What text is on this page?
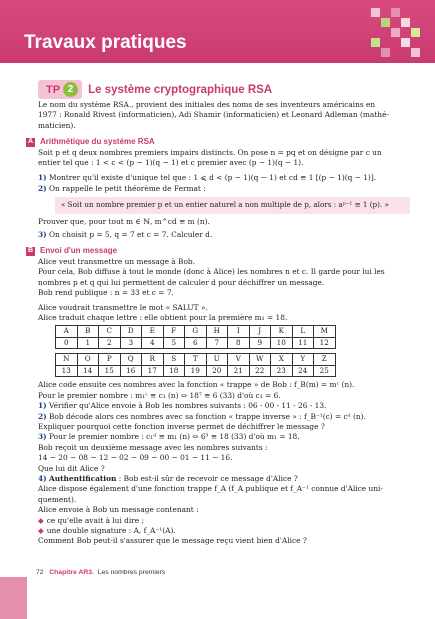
Travaux pratiques
TP 2	Le système cryptographique RSA

Le nom du système RSA., provient des initiales des noms de ses inventeurs américains en

1977 : Ronald Rivest (informaticien), Adi Shamir (informaticien) et Leonard Adleman (mathé-

maticien).

A Arithmétique du système RSA

Soit p et q deux nombres premiers impairs distincts. On pose n = pq et on désigne par c un

entier tel que : 1 < c < (p − 1)(q − 1) et c premier avec (p − 1)(q − 1).

1) Montrer qu'il existe d'unique tel que : 1 ⩽ d < (p − 1)(q − 1) et cd ≡ 1 [(p − 1)(q − 1)].

2) On rappelle le petit théorème de Fermat :

« Soit un nombre premier p et un entier naturel a non multiple de p, alors : aᵖ⁻¹ ≡ 1 (p). »

Prouver que, pour tout m ∈ ℕ, m^cd ≡ m (n).

3) On choisit p = 5, q = 7 et c = 7. Calculer d.

B Envoi d'un message

Alice veut transmettre un message à Bob.

Pour cela, Bob diffuse à tout le monde (donc à Alice) les nombres n et c. Il garde pour lui les

nombres p et q qui lui permettent de calculer d pour déchiffrer un message.

Bob rend publique : n = 33 et c = 7.

Alice voudrait transmettre le mot « SALUT ».

Alice traduit chaque lettre : elle obtient pour la première m₁ = 18.

A	B	C	D	E	F	G	H	I	J	K	L	M
0	1	2	3	4	5	6	7	8	9	10	11	12

N	O	P	Q	R	S	T	U	V	W	X	Y	Z
13	14	15	16	17	18	19	20	21	22	23	24	25

Alice code ensuite ces nombres avec la fonction « trappe » de Bob : f_B(m) = mᶜ (n).

Pour le premier nombre : m₁ᶜ ≡ c₁ (n) ⇔ 18⁷ ≡ 6 (33) d'où c₁ = 6.

1) Vérifier qu'Alice envoie à Bob les nombres suivants : 06 - 00 - 11 - 26 - 13.

2) Bob décode alors ces nombres avec sa fonction « trappe inverse » : f_B⁻¹(c) = cᵈ (n).

Expliquer pourquoi cette fonction inverse permet de déchiffrer le message ?

3) Pour le premier nombre : c₁ᵈ ≡ m₁ (n) ⇔ 6³ ≡ 18 (33) d'où m₁ = 18.

Bob reçoit un deuxième message avec les nombres suivants :

14 − 20 − 08 − 12 − 02 − 09 − 00 − 01 − 11 − 16.

Que lui dit Alice ?

4) Authentification : Bob est-il sûr de recevoir ce message d'Alice ?

Alice dispose également d'une fonction trappe f_A (f_A publique et f_A⁻¹ connue d'Alice uni-

quement).

Alice envoie à Bob un message contenant :

◆ ce qu'elle avait à lui dire ;

◆ une double signature : A, f_A⁻¹(A).

Comment Bob peut-il s'assurer que le message reçu vient bien d'Alice ?

72 Chapitre AR3. Les nombres premiers
